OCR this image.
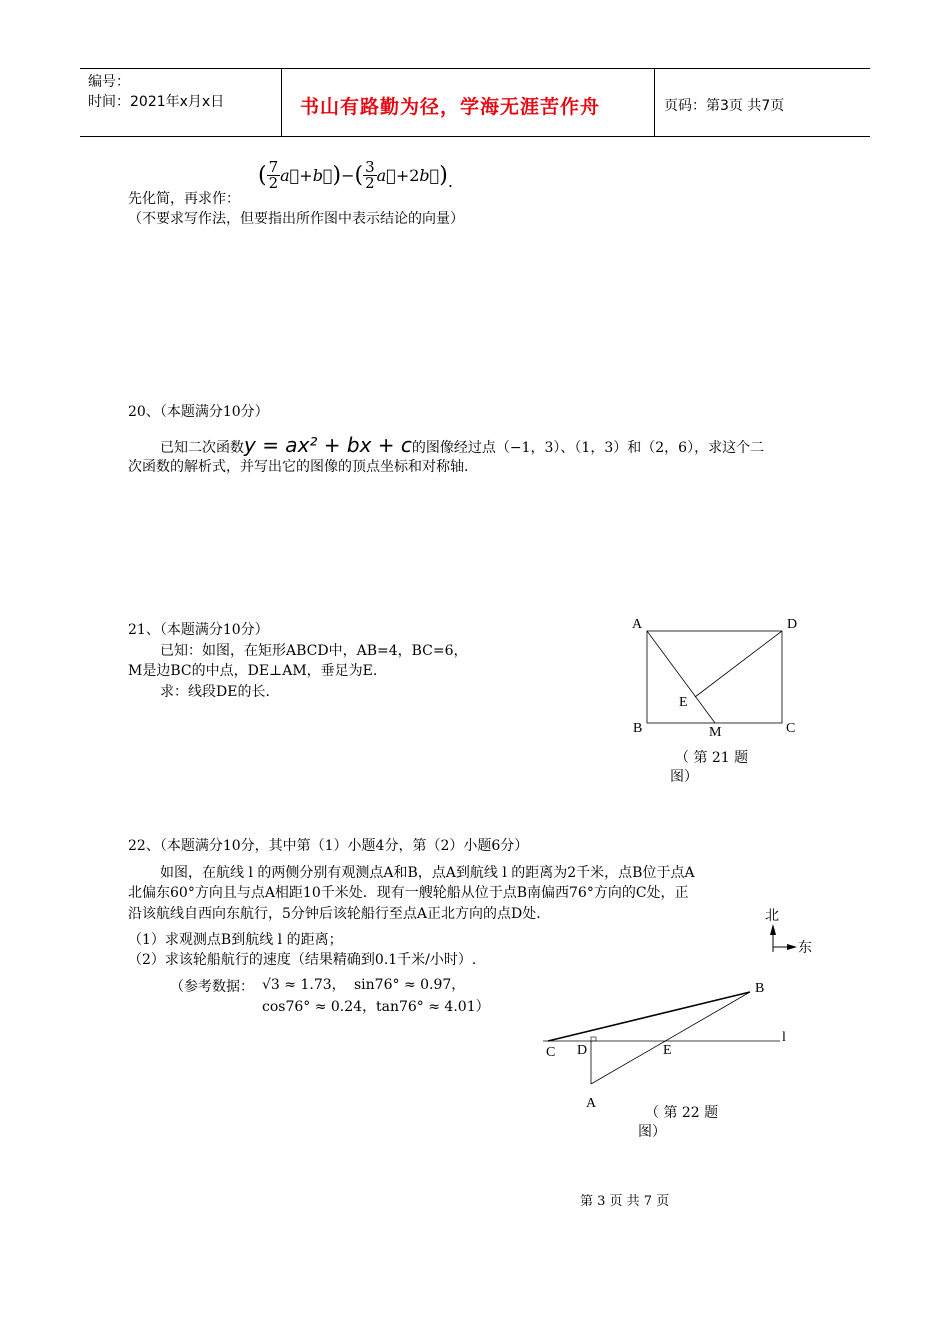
编号：
时间：2021年x月x日	书山有路勤为径，学海无涯苦作舟	页码：第3页 共7页
先化简，再求作：
( $\frac{7}{2}$ a⃗+b⃗)−( $\frac{3}{2}$ a⃗+2b⃗).
（不要求写作法，但要指出所作图中表示结论的向量）
20、（本题满分10分）
已知二次函数y = ax² + bx + c的图像经过点（−1，3）、（1，3）和（2，6），求这个二
次函数的解析式，并写出它的图像的顶点坐标和对称轴.
21、（本题满分10分）
已知：如图，在矩形ABCD中，AB=4，BC=6，
M是边BC的中点，DE⊥AM，垂足为E.
求：线段DE的长.
A	D
B	C
E
M
（ 第 21 题
图）
22、（本题满分10分，其中第（1）小题4分，第（2）小题6分）
如图，在航线 l 的两侧分别有观测点A和B，点A到航线 l 的距离为2千米，点B位于点A
北偏东60°方向且与点A相距10千米处．现有一艘轮船从位于点B南偏西76°方向的C处，正
沿该航线自西向东航行，5分钟后该轮船行至点A正北方向的点D处.
（1）求观测点B到航线 l 的距离；
（2）求该轮船航行的速度（结果精确到0.1千米/小时）.
（参考数据： √3 ≈ 1.73， sin76° ≈ 0.97，
cos76° ≈ 0.24， tan76° ≈ 4.01）
北
东
B
C D	E
l
A
（ 第 22 题
图）
第 3 页 共 7 页
